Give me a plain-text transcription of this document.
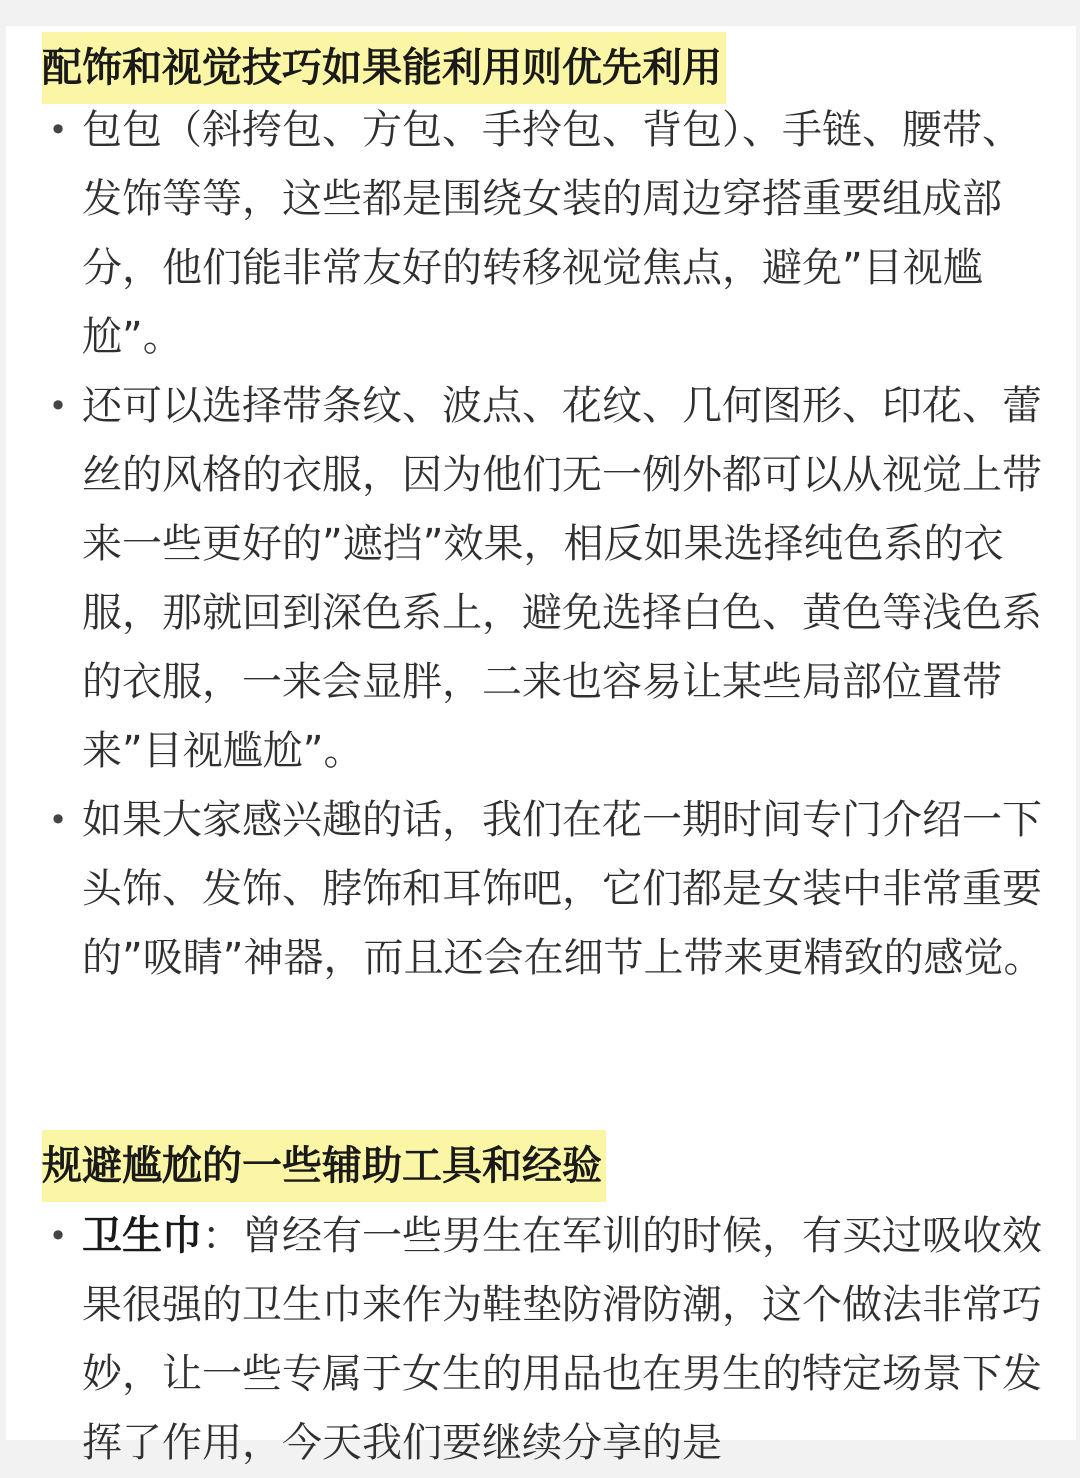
配饰和视觉技巧如果能利用则优先利用
• 包包（斜挎包、方包、手拎包、背包）、手链、腰带、发饰等等，这些都是围绕女装的周边穿搭重要组成部分，他们能非常友好的转移视觉焦点，避免”目视尴尬”。
• 还可以选择带条纹、波点、花纹、几何图形、印花、蕾丝的风格的衣服，因为他们无一例外都可以从视觉上带来一些更好的”遮挡”效果，相反如果选择纯色系的衣服，那就回到深色系上，避免选择白色、黄色等浅色系的衣服，一来会显胖，二来也容易让某些局部位置带来”目视尴尬”。
• 如果大家感兴趣的话，我们在花一期时间专门介绍一下头饰、发饰、脖饰和耳饰吧，它们都是女装中非常重要的”吸睛”神器，而且还会在细节上带来更精致的感觉。
规避尴尬的一些辅助工具和经验
• 卫生巾：曾经有一些男生在军训的时候，有买过吸收效果很强的卫生巾来作为鞋垫防滑防潮，这个做法非常巧妙，让一些专属于女生的用品也在男生的特定场景下发挥了作用，今天我们要继续分享的是
